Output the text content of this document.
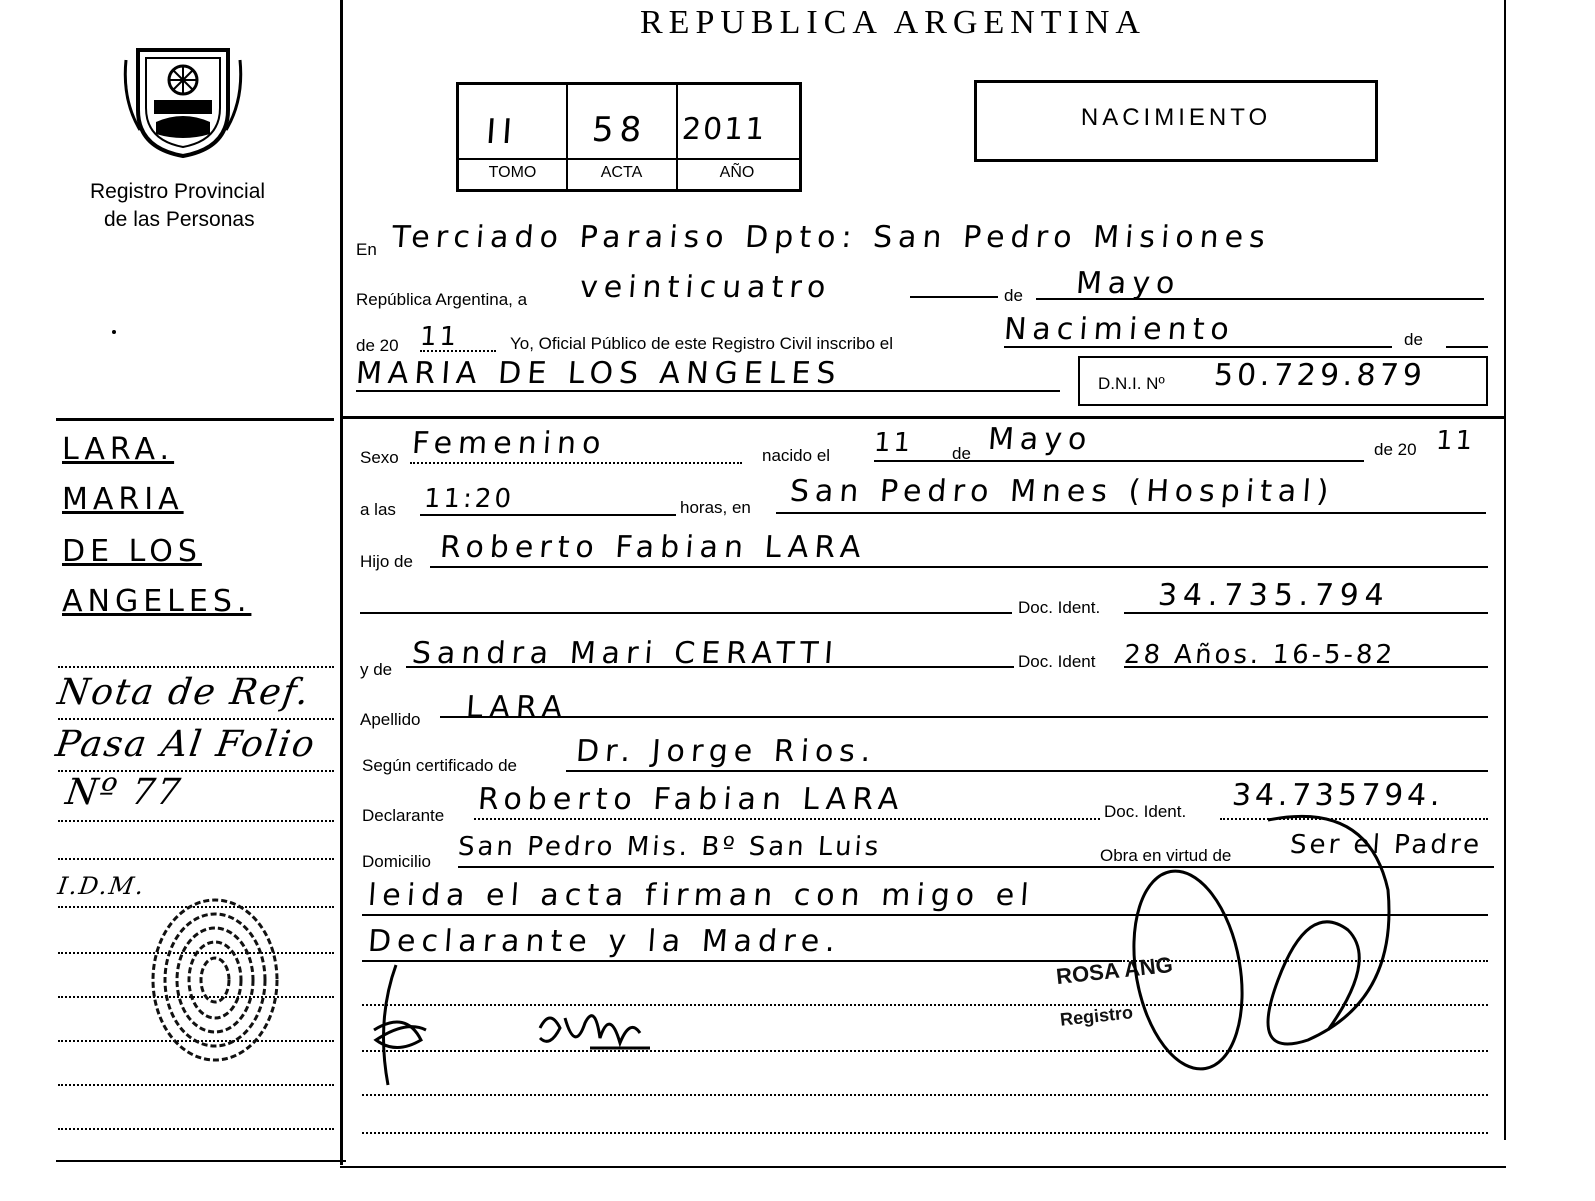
Registro Provincial
de las Personas
LARA.
MARIA
DE LOS
ANGELES.
Nota de Ref.
Pasa Al Folio
Nº 77
I.D.M.
REPUBLICA ARGENTINA
II 58 2011
TOMO	ACTA	AÑO
NACIMIENTO
En Terciado Paraiso Dpto: San Pedro Misiones
República Argentina, a veinticuatro	de Mayo
de 20 11	Yo, Oficial Público de este Registro Civil inscribo el	Nacimiento	de
MARIA DE LOS ANGELES	D.N.I. Nº 50.729.879
Sexo Femenino	nacido el 11 de Mayo	de 20 11
a las 11:20	horas, en San Pedro Mnes (Hospital)
Hijo de Roberto Fabian LARA
Doc. Ident. 34.735.794
y de Sandra Mari CERATTI	Doc. Ident 28 Años. 16-5-82
Apellido LARA
Según certificado de Dr. Jorge Rios.
Declarante Roberto Fabian LARA	Doc. Ident. 34.735794.
Domicilio San Pedro Mis. Bº San Luis	Obra en virtud de Ser el Padre
leida el acta firman con migo el
Declarante y la Madre.
ROSA ANG
Registro
